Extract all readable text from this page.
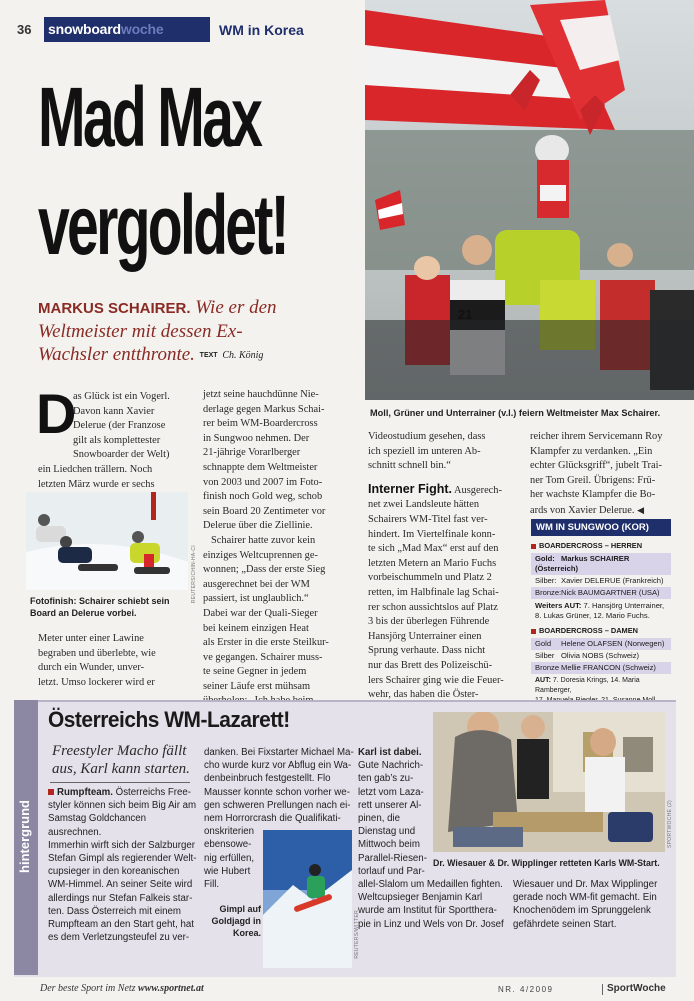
36 snowboardwoche	WM in Korea
Mad Max
vergoldet!
MARKUS SCHAIRER. Wie er den
Weltmeister mit dessen Ex-
Wachsler entthronte. TEXT Ch. König
21
Moll, Grüner und Unterrainer (v.l.) feiern Weltmeister Max Schairer.
D
as Glück ist ein Vogerl.
Davon kann Xavier
Delerue (der Franzose
gilt als komplettester
Snowboarder der Welt)
ein Liedchen trällern. Noch
letzten März wurde er sechs
REUTERS/CHIN-HA-CI
Fotofinish: Schairer schiebt sein Board an Delerue vorbei.
Meter unter einer Lawine
begraben und überlebte, wie
durch ein Wunder, unver-
letzt. Umso lockerer wird er
jetzt seine hauchdünne Nie-
derlage gegen Markus Schai-
rer beim WM-Boardercross
in Sungwoo nehmen. Der
21-jährige Vorarlberger
schnappte dem Weltmeister
von 2003 und 2007 im Foto-
finish noch Gold weg, schob
sein Board 20 Zentimeter vor
Delerue über die Ziellinie.
Schairer hatte zuvor kein
einziges Weltcuprennen ge-
wonnen; „Dass der erste Sieg
ausgerechnet bei der WM
passiert, ist unglaublich.“
Dabei war der Quali-Sieger
bei keinem einzigen Heat
als Erster in die erste Steilkur-
ve gegangen. Schairer muss-
te seine Gegner in jedem
seiner Läufe erst mühsam
Videostudium gesehen, dass
ich speziell im unteren Ab-
schnitt schnell bin.“
Interner Fight. Ausgerech-
net zwei Landsleute hätten
Schairers WM-Titel fast ver-
hindert. Im Viertelfinale konn-
te sich „Mad Max“ erst auf den
letzten Metern an Mario Fuchs
vorbeischummeln und Platz 2
retten, im Halbfinale lag Schai-
rer schon aussichtslos auf Platz
3 bis der überlegen Führende
Hansjörg Unterrainer einen
Sprung verhaute. Dass nicht
nur das Brett des Polizeischü-
lers Schairer ging wie die Feuer-
wehr, das haben die Öster-
reicher ihrem Servicemann Roy
Klampfer zu verdanken. „Ein
echter Glücksgriff“, jubelt Trai-
ner Tom Greil. Übrigens: Frü-
her wachste Klampfer die Bo-
ards von Xavier Delerue. ◀
WM IN SUNGWOO (KOR)
BOARDERCROSS – HERREN
Gold: Markus SCHAIRER (Österreich)
Silber: Xavier DELERUE (Frankreich)
Bronze:Nick BAUMGARTNER (USA)
Weiters AUT: 7. Hansjörg Unterrainer,
8. Lukas Grüner, 12. Mario Fuchs.
BOARDERCROSS – DAMEN
Gold Helene OLAFSEN (Norwegen)
Silber Olivia NOBS (Schweiz)
Bronze Mellie FRANCON (Schweiz)
AUT: 7. Doresia Krings, 14. Maria Ramberger,

hintergrund
Österreichs WM-Lazarett!
Freestyler Macho fällt
aus, Karl kann starten.
Rumpfteam. Österreichs Free-
styler können sich beim Big Air am
Samstag Goldchancen ausrechnen.
Immerhin wirft sich der Salzburger
Stefan Gimpl als regierender Welt-
cupsieger in den koreanischen
WM-Himmel. An seiner Seite wird
allerdings nur Stefan Falkeis star-
ten. Dass Österreich mit einem
Rumpfteam an den Start geht, hat
es dem Verletzungsteufel zu ver-
danken. Bei Fixstarter Michael Ma-
cho wurde kurz vor Abflug ein Wa-
denbeinbruch festgestellt. Flo
Mausser konnte schon vorher we-
gen schweren Prellungen nach ei-
nem Horrorcrash die Qualifikati-
onskriterien
ebensowe-
nig erfüllen,
wie Hubert
Fill.
REUTERS/WITTER
Gimpl auf
Goldjagd in
Korea.
Karl ist dabei.
Gute Nachrich-
ten gab’s zu-
letzt vom Laza-
rett unserer Al-
pinen, die
Dienstag und
Mittwoch beim
Parallel-Riesen-
torlauf und Par-
allel-Slalom um Medaillen fighten.
Weltcupsieger Benjamin Karl
wurde am Institut für Sportthera-
pie in Linz und Wels von Dr. Josef
SPORTWOCHE (2)
Dr. Wiesauer & Dr. Wipplinger retteten Karls WM-Start.
Wiesauer und Dr. Max Wipplinger
gerade noch WM-fit gemacht. Ein
Knochenödem im Sprunggelenk
gefährdete seinen Start.
Der beste Sport im Netz www.sportnet.at	NR. 4/2009	SportWoche
